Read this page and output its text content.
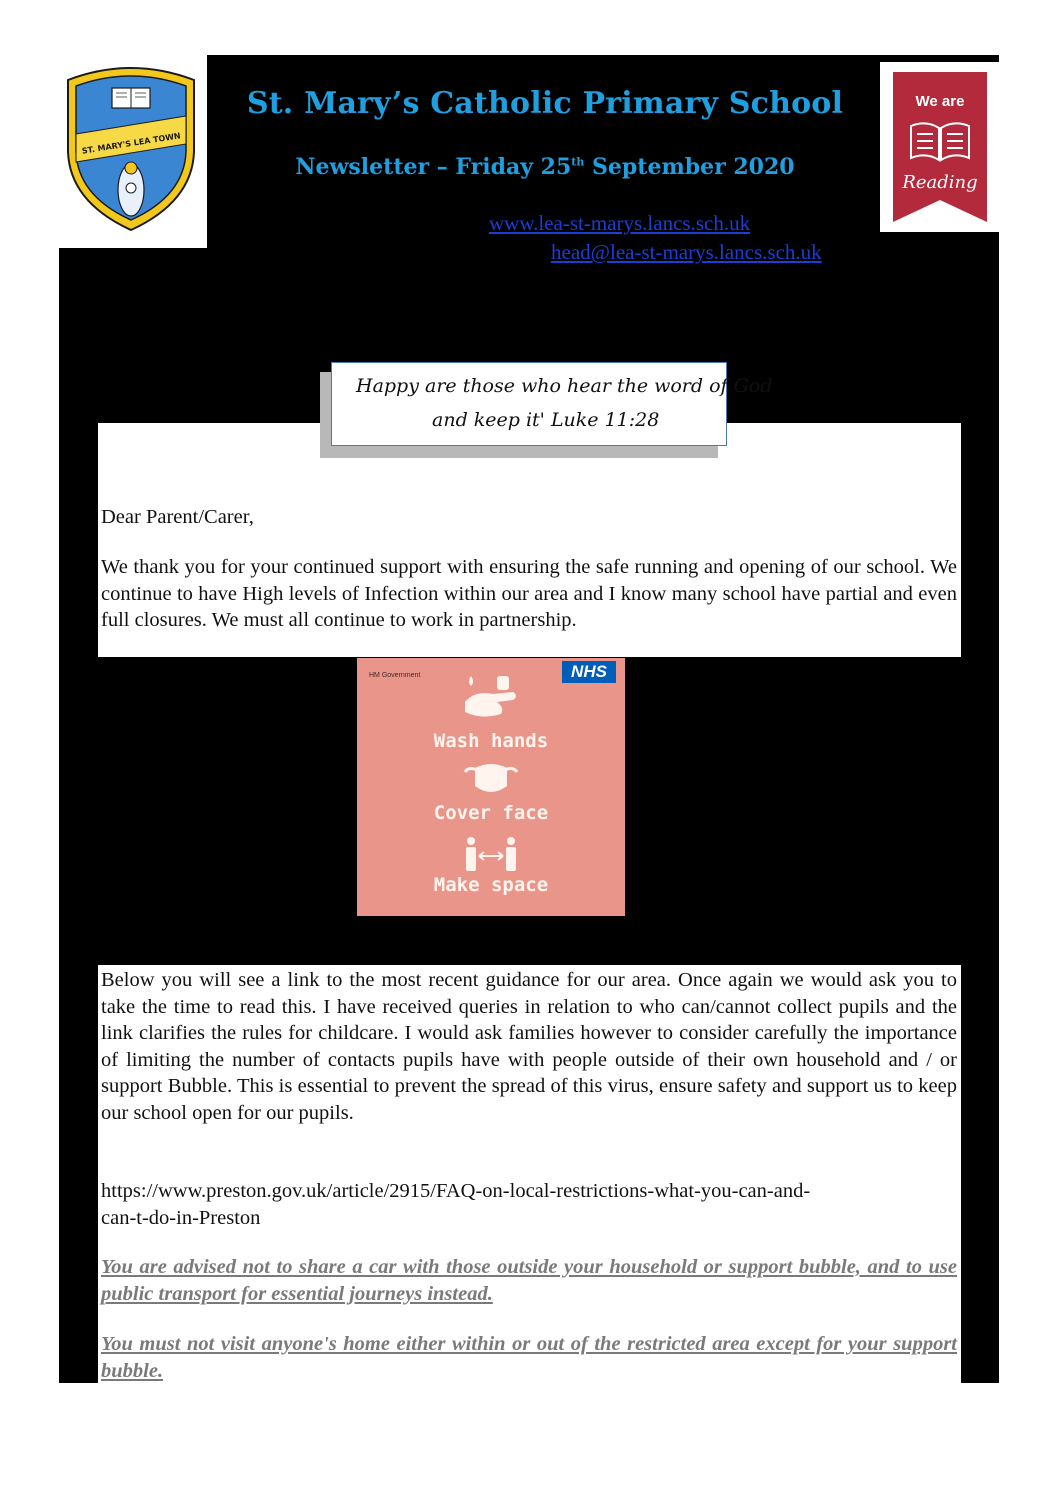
ST. MARY'S LEA TOWN
St. Mary’s Catholic Primary School
Newsletter – Friday 25th September 2020
www.lea-st-marys.lancs.sch.uk
head@lea-st-marys.lancs.sch.uk
We are
Reading
Happy are those who hear the word of God
and keep it' Luke 11:28

Dear Parent/Carer,

We thank you for your continued support with ensuring the safe running and opening of our school. We continue to have High levels of Infection within our area and I know many school have partial and even full closures. We must all continue to work in partnership.

HM Government	NHS
Wash hands
Cover face
Make space

Below you will see a link to the most recent guidance for our area. Once again we would ask you to take the time to read this. I have received queries in relation to who can/cannot collect pupils and the link clarifies the rules for childcare. I would ask families however to consider carefully the importance of limiting the number of contacts pupils have with people outside of their own household and / or support Bubble. This is essential to prevent the spread of this virus, ensure safety and support us to keep our school open for our pupils.

https://www.preston.gov.uk/article/2915/FAQ-on-local-restrictions-what-you-can-and-
can-t-do-in-Preston

You are advised not to share a car with those outside your household or support bubble, and to use public transport for essential journeys instead.

You must not visit anyone's home either within or out of the restricted area except for your support bubble.
